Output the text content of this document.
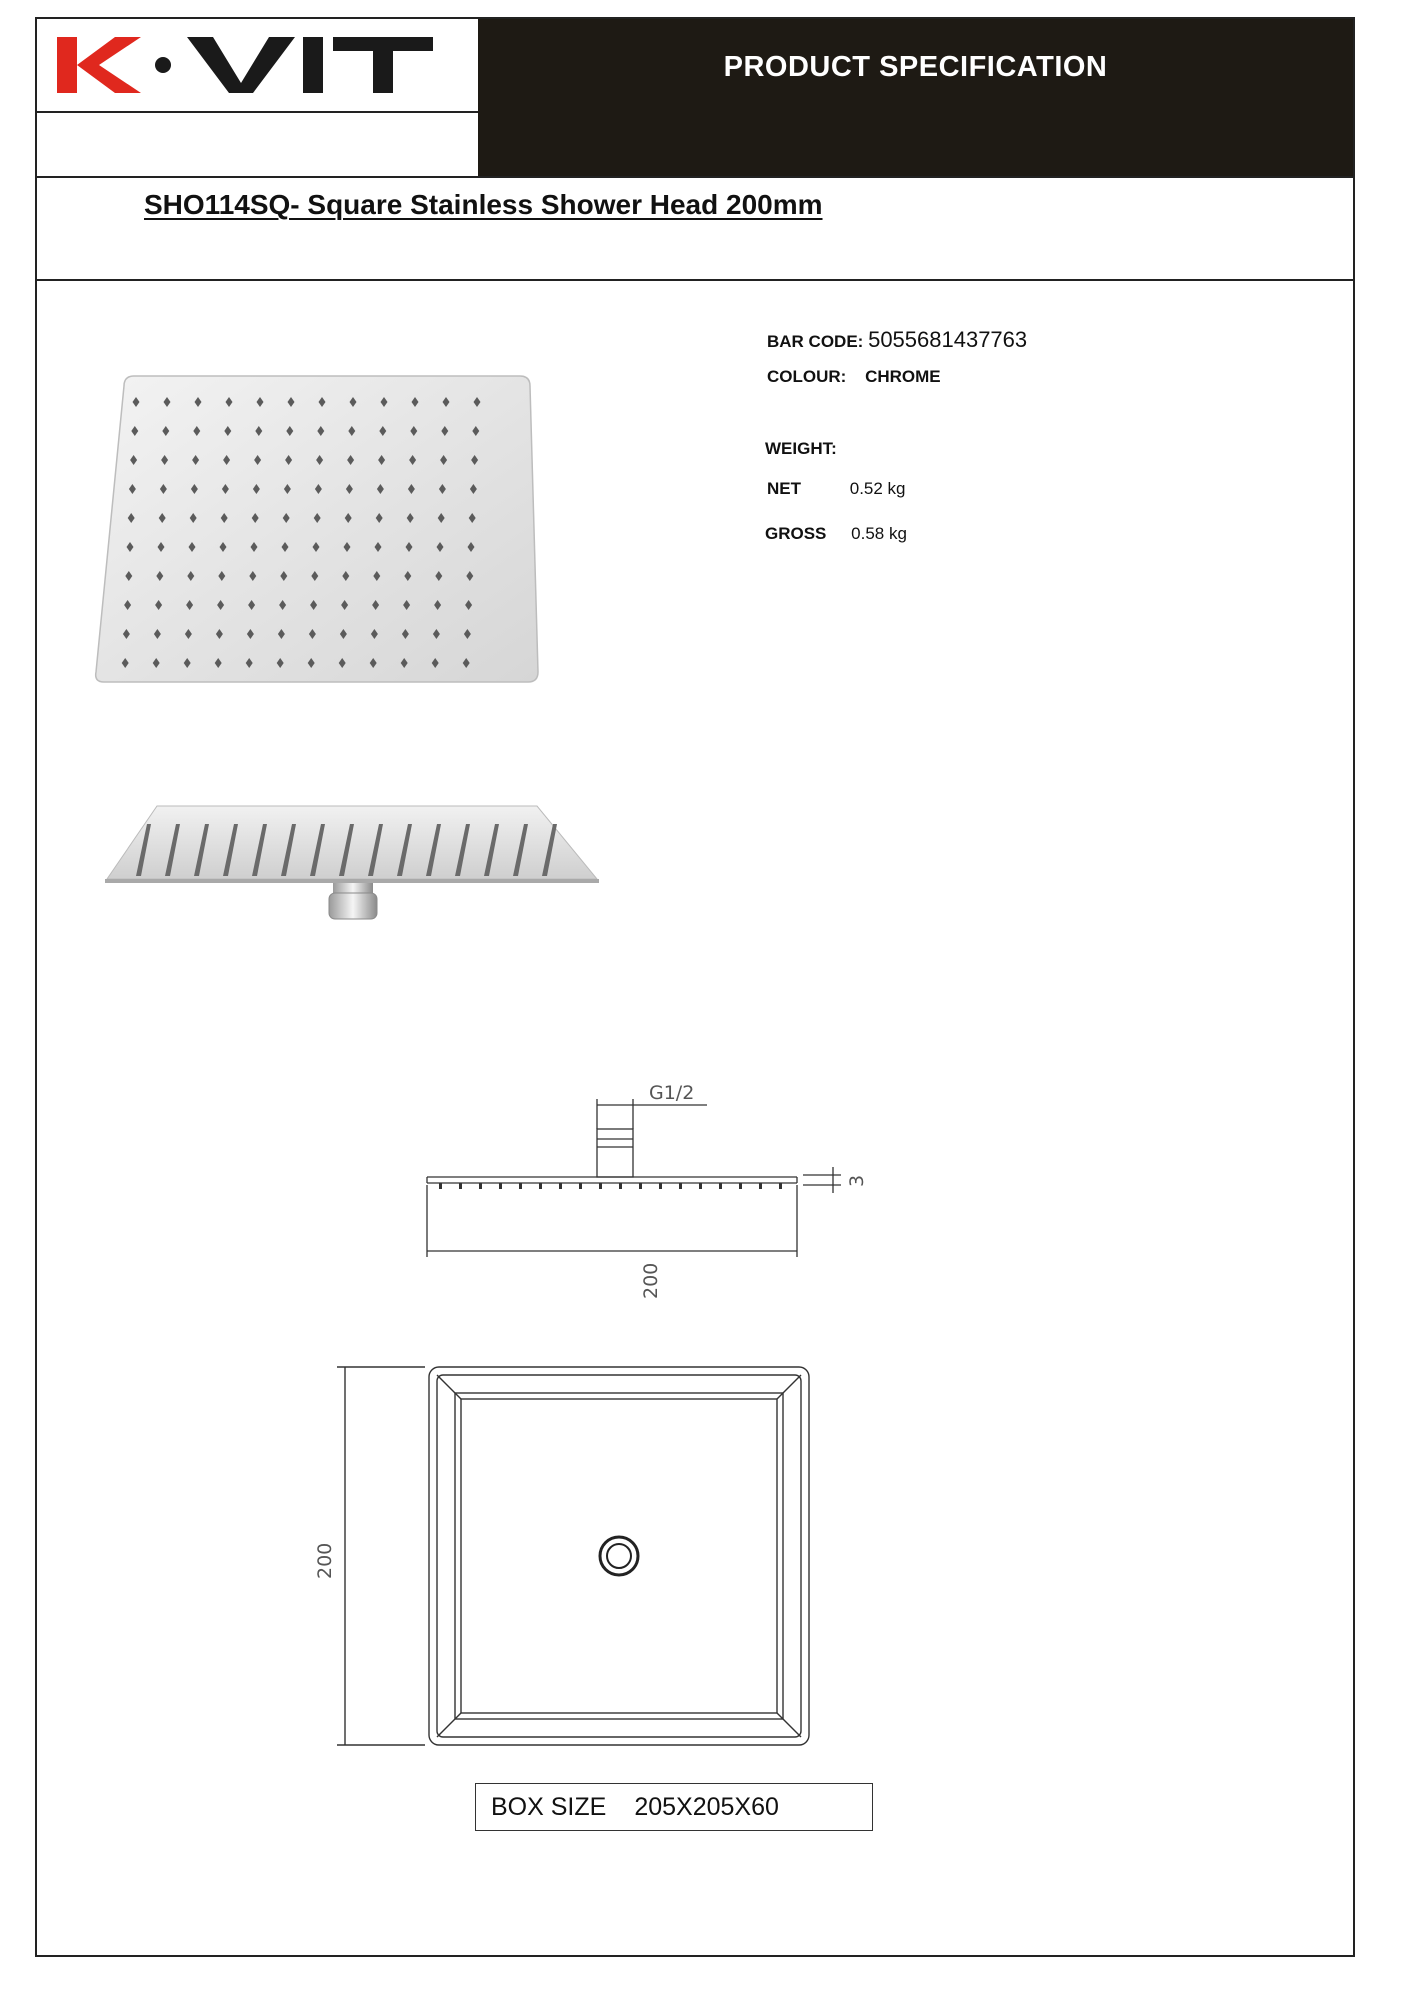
K·VIT
PRODUCT SPECIFICATION
SHO114SQ- Square Stainless Shower Head 200mm
BAR CODE: 5055681437763
COLOUR: CHROME
WEIGHT:
NET	0.52 kg
GROSS 0.58 kg
G1/2
3
200
200
BOX SIZE 205X205X60
